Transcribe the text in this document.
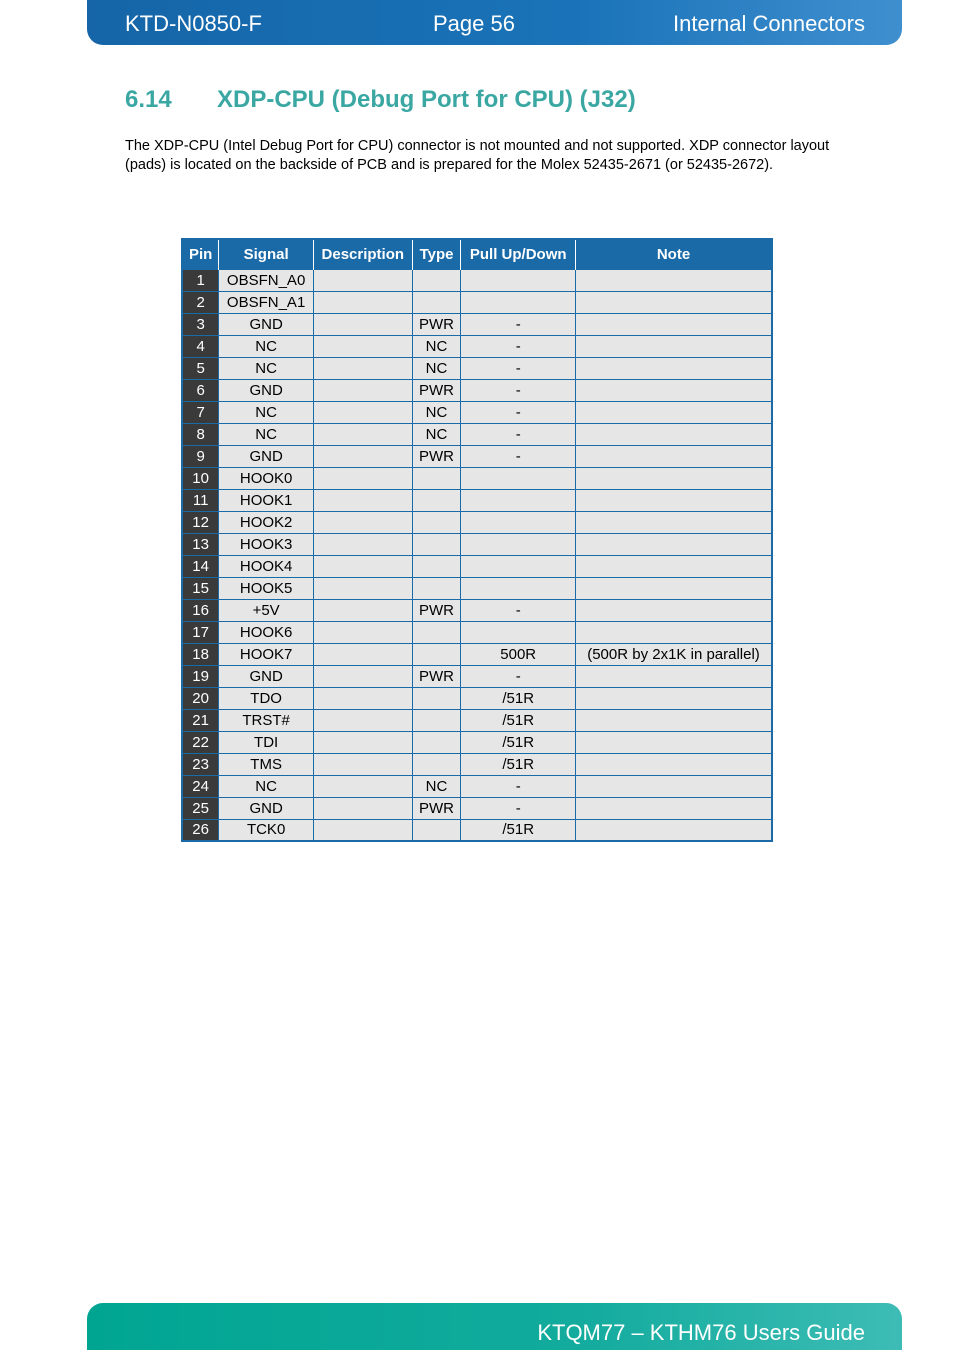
KTD-N0850-F	Page 56	Internal Connectors
6.14 XDP-CPU (Debug Port for CPU) (J32)

The XDP-CPU (Intel Debug Port for CPU) connector is not mounted and not supported. XDP connector layout (pads) is located on the backside of PCB and is prepared for the Molex 52435-2671 (or 52435-2672).

Pin	Signal	Description	Type	Pull Up/Down	Note
1	OBSFN_A0				
2	OBSFN_A1				
3	GND		PWR	-	
4	NC		NC	-	
5	NC		NC	-	
6	GND		PWR	-	
7	NC		NC	-	
8	NC		NC	-	
9	GND		PWR	-	
10	HOOK0				
11	HOOK1				
12	HOOK2				
13	HOOK3				
14	HOOK4				
15	HOOK5				
16	+5V		PWR	-	
17	HOOK6				
18	HOOK7			500R	(500R by 2x1K in parallel)
19	GND		PWR	-	
20	TDO			/51R	
21	TRST#			/51R	
22	TDI			/51R	
23	TMS			/51R	
24	NC		NC	-	
25	GND		PWR	-	
26	TCK0			/51R	
KTQM77 – KTHM76 Users Guide
